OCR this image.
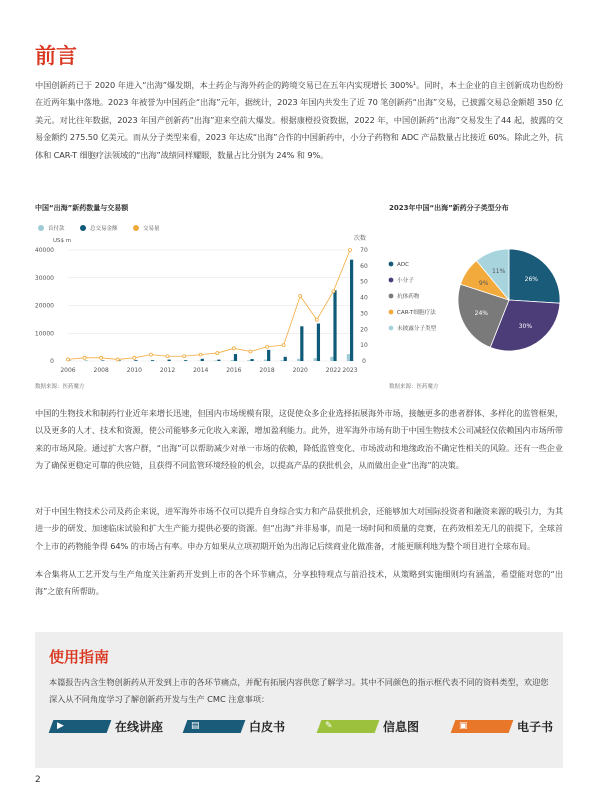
前言

中国创新药已于 2020 年进入“出海”爆发期，本土药企与海外药企的跨境交易已在五年内实现增长 300%¹。同时，本土企业的自主创新成功也纷纷在近两年集中落地。2023 年被誉为中国药企“出海”元年，据统计，2023 年国内共发生了近 70 笔创新药“出海”交易，已披露交易总金额超 350 亿美元。对比往年数据，2023 年国产创新药“出海”迎来空前大爆发。根据康橙投资数据，2022 年，中国创新药“出海”交易发生了44 起，披露的交易金额约 275.50 亿美元。而从分子类型来看，2023 年达成“出海”合作的中国新药中，小分子药物和 ADC 产品数量占比接近 60%。除此之外，抗体和 CAR-T 细胞疗法领域的“出海”战绩同样耀眼，数量占比分别为 24% 和 9%。

中国“出海”新药数量与交易额
首付款	总交易金额	交易量
0
10000
20000
30000
40000
0
10
20
30
40
50
60
70
US$ m	次数
2006	2008	2010	2012	2014	2016	2018	2020	2022 2023
数据来源：医药魔方
2023年中国“出海”新药分子类型分布
26%
30%
24%
9%
11%
ADC
小分子
抗体药物
CAR-T细胞疗法
未披露分子类型
数据来源：医药魔方

中国的生物技术和制药行业近年来增长迅速，但国内市场规模有限，这促使众多企业选择拓展海外市场，接触更多的患者群体、多样化的监管框架，以及更多的人才、技术和资源，使公司能够多元化收入来源，增加盈利能力。此外，进军海外市场有助于中国生物技术公司减轻仅依赖国内市场所带来的市场风险。通过扩大客户群，“出海”可以帮助减少对单一市场的依赖，降低监管变化、市场波动和地缘政治不确定性相关的风险。还有一些企业为了确保更稳定可靠的供应链，且获得不同监管环境经验的机会，以提高产品的获批机会，从而做出企业“出海”的决策。

对于中国生物技术公司及药企来说，进军海外市场不仅可以提升自身综合实力和产品获批机会，还能够加大对国际投资者和融资来源的吸引力，为其进一步的研发、加速临床试验和扩大生产能力提供必要的资源。但“出海”并非易事，而是一场时间和质量的竞赛，在药效相差无几的前提下，全球首个上市的药物能争得 64% 的市场占有率。申办方如果从立项初期开始为出海记后续商业化做准备，才能更顺利地为整个项目进行全球布局。

本合集将从工艺开发与生产角度关注新药开发到上市的各个环节痛点，分享独特观点与前沿技术，从策略到实施细则均有涵盖，希望能对您的“出海”之旅有所帮助。

使用指南

本篇报告内含生物创新药从开发到上市的各环节痛点，并配有拓展内容供您了解学习。其中不同颜色的指示框代表不同的资料类型，欢迎您深入从不同角度学习了解创新药开发与生产 CMC 注意事项：

▶	在线讲座	▤	白皮书	✎	信息图	▣	电子书
2
